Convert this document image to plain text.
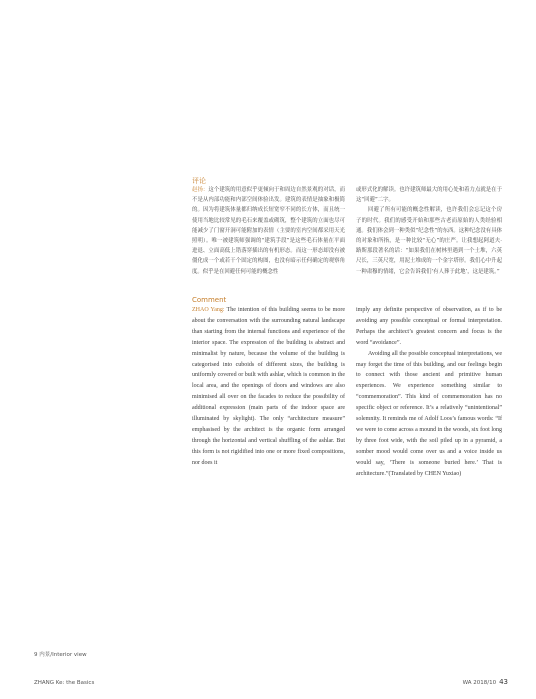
评论

赵扬：这个建筑的用意似乎更倾向于和周边自然景观的对话，而不是从内部功能和内部空间体验出发。建筑的表情是抽象和极简的。因为将建筑体量都归纳成长短宽窄不同的长方体，而且统一使用当地比较常见的毛石来覆盖或砌筑，整个建筑的立面也尽可能减少了门窗开洞可能附加的表情（主要的室内空间都采用天光照明）。唯一被建筑师强调的“建筑手段”是这些毛石体量在平面进退、立面高低上错落穿插出的有机形态。而这一形态却没有被僵化成一个或若干个固定的构图，也没有暗示任何确定的观察角度。似乎是在回避任何可能的概念性

或形式化的解读。也许建筑师最大的用心处和着力点就是在于这“回避”二字。

回避了所有可能的概念性解读，也许我们会忘记这个房子的时代。我们的感受开始和那些古老而原始的人类经验相通。我们体会到一种类似“纪念性”的东西。这种纪念没有具体的对象和所指，是一种比较“无心”的庄严。让我想起阿道夫·路斯那段著名的话：“如果我们在树林里遇到一个土堆，六英尺长，三英尺宽，用泥土堆成的一个金字塔形。我们心中升起一种肃穆的情绪，它会告诉我们‘有人葬于此地’，这是建筑。”

Comment

ZHAO Yang: The intention of this building seems to be more about the conversation with the surrounding natural landscape than starting from the internal functions and experience of the interior space. The expression of the building is abstract and minimalist by nature, because the volume of the building is categorised into cuboids of different sizes, the building is uniformly covered or built with ashlar, which is common in the local area, and the openings of doors and windows are also minimised all over on the facades to reduce the possibility of additional expression (main parts of the indoor space are illuminated by skylight). The only “architecture measure” emphasised by the architect is the organic form arranged through the horizontal and vertical shuffling of the ashlar. But this form is not rigidified into one or more fixed compositions, nor does it

imply any definite perspective of observation, as if to be avoiding any possible conceptual or formal interpretation. Perhaps the architect’s greatest concern and focus is the word “avoidance”.

Avoiding all the possible conceptual interpretations, we may forget the time of this building, and our feelings begin to connect with those ancient and primitive human experiences. We experience something similar to “commemoration”. This kind of commemoration has no specific object or reference. It’s a relatively “unintentional” solemnity. It reminds me of Adolf Loos’s famous words: “If we were to come across a mound in the woods, six foot long by three foot wide, with the soil piled up in a pyramid, a somber mood would come over us and a voice inside us would say, ‘There is someone buried here.’ That is architecture.”(Translated by CHEN Yuxiao)

9 内景/Interior view
ZHANG Ke: the Basics	WA 2018/10 43
